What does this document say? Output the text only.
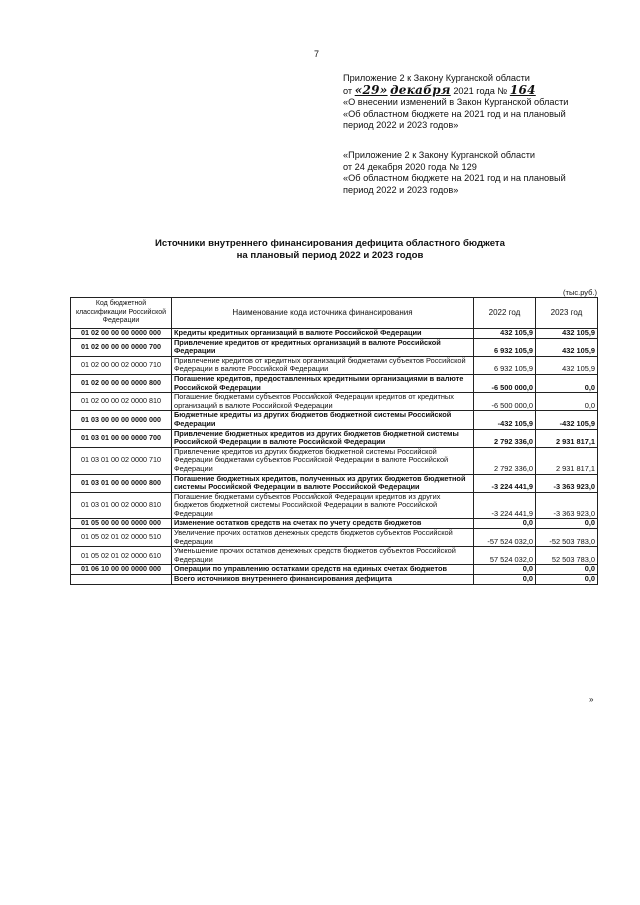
7
Приложение 2 к Закону Курганской области
от «29» декабря 2021 года № 164
«О внесении изменений в Закон Курганской области
«Об областном бюджете на 2021 год и на плановый
период 2022 и 2023 годов»
«Приложение 2 к Закону Курганской области
от 24 декабря 2020 года № 129
«Об областном бюджете на 2021 год и на плановый
период 2022 и 2023 годов»
Источники внутреннего финансирования дефицита областного бюджета
на плановый период 2022 и 2023 годов
(тыс.руб.)
Код бюджетной классификации Российской Федерации	Наименование кода источника финансирования	2022 год	2023 год
01 02 00 00 00 0000 000	Кредиты кредитных организаций в валюте Российской Федерации	432 105,9	432 105,9
01 02 00 00 00 0000 700	Привлечение кредитов от кредитных организаций в валюте Российской Федерации	6 932 105,9	432 105,9
01 02 00 00 02 0000 710	Привлечение кредитов от кредитных организаций бюджетами субъектов Российской Федерации в валюте Российской Федерации	6 932 105,9	432 105,9
01 02 00 00 00 0000 800	Погашение кредитов, предоставленных кредитными организациями в валюте Российской Федерации	-6 500 000,0	0,0
01 02 00 00 02 0000 810	Погашение бюджетами субъектов Российской Федерации кредитов от кредитных организаций в валюте Российской Федерации	-6 500 000,0	0,0
01 03 00 00 00 0000 000	Бюджетные кредиты из других бюджетов бюджетной системы Российской Федерации	-432 105,9	-432 105,9
01 03 01 00 00 0000 700	Привлечение бюджетных кредитов из других бюджетов бюджетной системы Российской Федерации в валюте Российской Федерации	2 792 336,0	2 931 817,1
01 03 01 00 02 0000 710	Привлечение кредитов из других бюджетов бюджетной системы Российской Федерации бюджетами субъектов Российской Федерации в валюте Российской Федерации	2 792 336,0	2 931 817,1
01 03 01 00 00 0000 800	Погашение бюджетных кредитов, полученных из других бюджетов бюджетной системы Российской Федерации в валюте Российской Федерации	-3 224 441,9	-3 363 923,0
01 03 01 00 02 0000 810	Погашение бюджетами субъектов Российской Федерации кредитов из других бюджетов бюджетной системы Российской Федерации в валюте Российской Федерации	-3 224 441,9	-3 363 923,0
01 05 00 00 00 0000 000	Изменение остатков средств на счетах по учету средств бюджетов	0,0	0,0
01 05 02 01 02 0000 510	Увеличение прочих остатков денежных средств бюджетов субъектов Российской Федерации	-57 524 032,0	-52 503 783,0
01 05 02 01 02 0000 610	Уменьшение прочих остатков денежных средств бюджетов субъектов Российской Федерации	57 524 032,0	52 503 783,0
01 06 10 00 00 0000 000	Операции по управлению остатками средств на единых счетах бюджетов	0,0	0,0
	Всего источников внутреннего финансирования дефицита	0,0	0,0
»
